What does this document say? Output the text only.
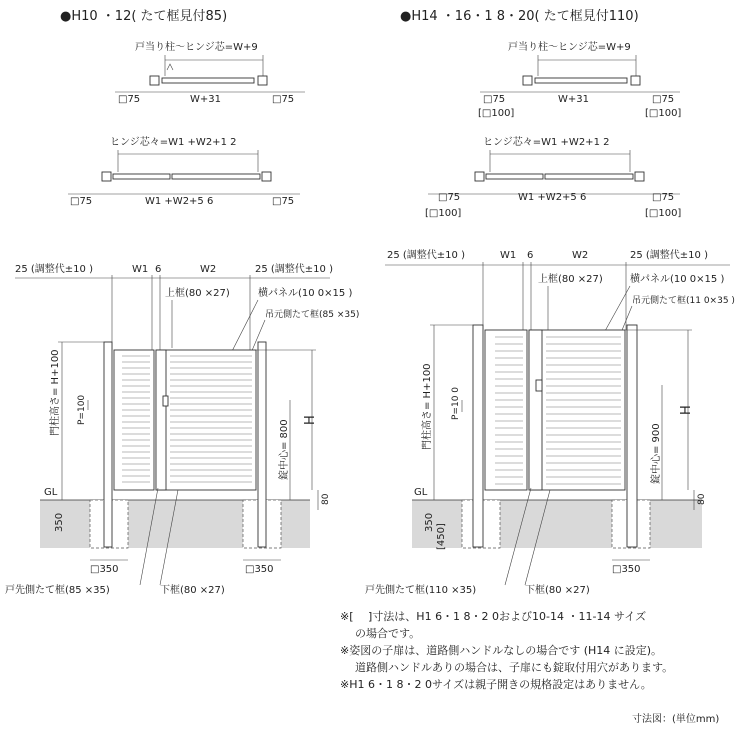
●H10 ・12( たて框見付85)
戸当り柱～ヒンジ芯=W+9
□75	W+31	□75
ヒンジ芯々=W1 +W2+1 2
□75	W1 +W2+5 6	□75
25 (調整代±10 )	W1 6	W2	25 (調整代±10 )
上框(80 ×27)	横パネル(10 0×15 )
吊元側たて框(85 ×35)
GL
門柱高さ= H+100 P=100
350
錠中心= 800 H
80
□350	□350
戸先側たて框(85 ×35)	下框(80 ×27)
●H14 ・16・1 8・20( たて框見付110)
戸当り柱～ヒンジ芯=W+9
□75
[□100]
W+31	□75
[□100]
ヒンジ芯々=W1 +W2+1 2
□75
[□100]
W1 +W2+5 6	□75
[□100]
25 (調整代±10 )	W1 6	W2	25 (調整代±10 )
上框(80 ×27)	横パネル(10 0×15 )
吊元側たて框(11 0×35 )
GL
門柱高さ= H+100 P=10 0
350
[450]
錠中心= 900
H
80
□350
戸先側たて框(110 ×35)	下框(80 ×27)
※[　 ]寸法は、H1 6・1 8・2 0および10-14 ・11-14 サイズ
の場合です。
※姿図の子扉は、道路側ハンドルなしの場合です (H14 に設定)。
道路側ハンドルありの場合は、子扉にも錠取付用穴があります。
※H1 6・1 8・2 0サイズは親子開きの規格設定はありません。
寸法図：(単位mm)
